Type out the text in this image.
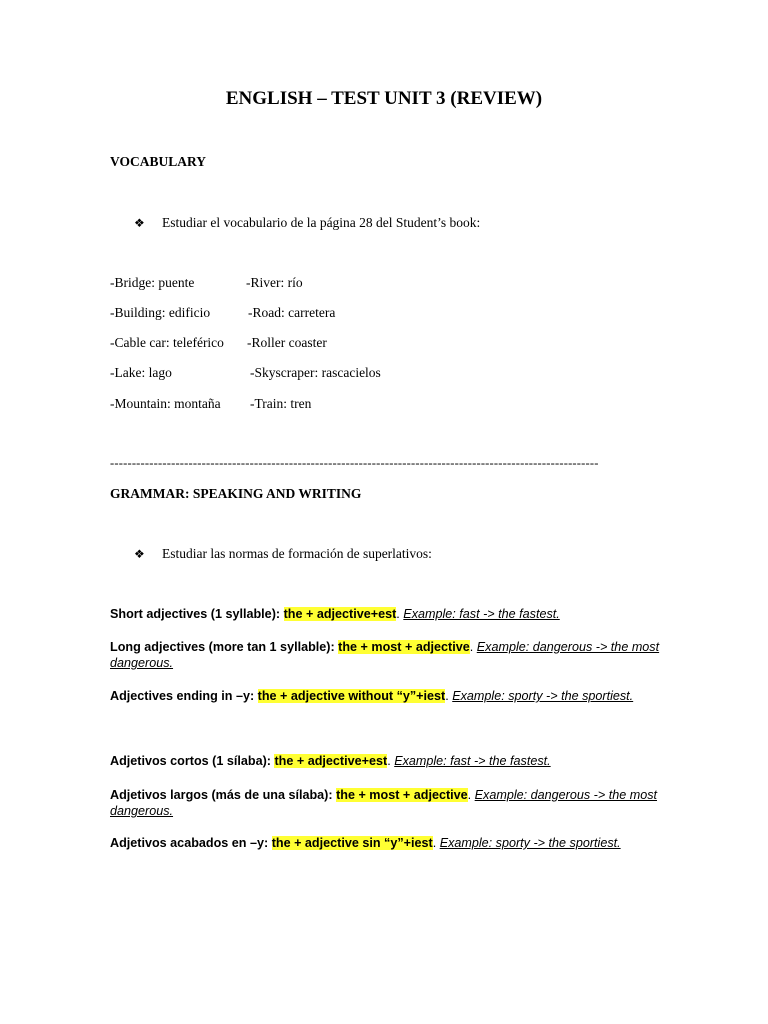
ENGLISH – TEST UNIT 3 (REVIEW)
VOCABULARY
❖ Estudiar el vocabulario de la página 28 del Student’s book:
-Bridge: puente
-Building: edificio
-Cable car: teleférico
-Lake: lago
-Mountain: montaña
-River: río
-Road: carretera
-Roller coaster
-Skyscraper: rascacielos
-Train: tren
----------------------------------------------------------------------------------------------------------------
GRAMMAR: SPEAKING AND WRITING
❖ Estudiar las normas de formación de superlativos:
Short adjectives (1 syllable): the + adjective+est. Example: fast -> the fastest.
Long adjectives (more tan 1 syllable): the + most + adjective. Example: dangerous -> the most dangerous.
Adjectives ending in –y: the + adjective without “y”+iest. Example: sporty -> the sportiest.
Adjetivos cortos (1 sílaba): the + adjective+est. Example: fast -> the fastest.
Adjetivos largos (más de una sílaba): the + most + adjective. Example: dangerous -> the most dangerous.
Adjetivos acabados en –y: the + adjective sin “y”+iest. Example: sporty -> the sportiest.
